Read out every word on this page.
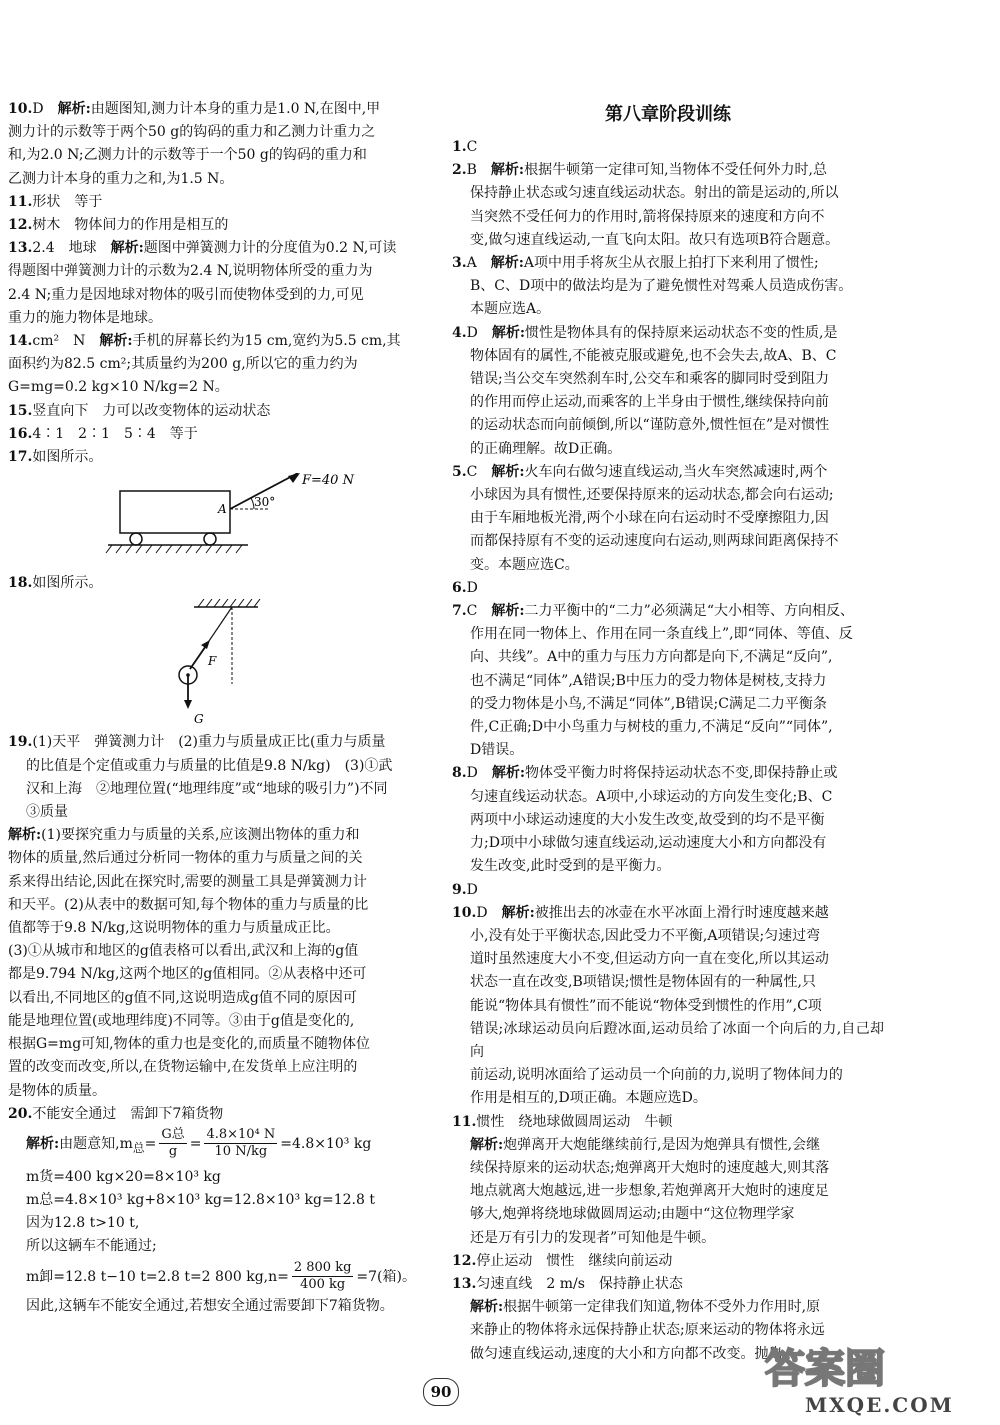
10.D　 解析:由题图知,测力计本身的重力是1.0 N,在图中,甲

测力计的示数等于两个50 g的钩码的重力和乙测力计重力之

和,为2.0 N;乙测力计的示数等于一个50 g的钩码的重力和

乙测力计本身的重力之和,为1.5 N。

11.形状　等于

12.树木　物体间力的作用是相互的

13.2.4　地球　 解析:题图中弹簧测力计的分度值为0.2 N,可读

得题图中弹簧测力计的示数为2.4 N,说明物体所受的重力为

2.4 N;重力是因地球对物体的吸引而使物体受到的力,可见

重力的施力物体是地球。

14.cm²　N　 解析:手机的屏幕长约为15 cm,宽约为5.5 cm,其

面积约为82.5 cm²;其质量约为200 g,所以它的重力约为

G=mg=0.2 kg×10 N/kg=2 N。

15.竖直向下　力可以改变物体的运动状态

16.4∶1　2∶1　5∶4　等于

17.如图所示。

F=40 N
30°
A

18.如图所示。

F
G

19.(1)天平　弹簧测力计　(2)重力与质量成正比(重力与质量

的比值是个定值或重力与质量的比值是9.8 N/kg)　(3)①武

汉和上海　②地理位置(“地理纬度”或“地球的吸引力”)不同

③质量

解析:(1)要探究重力与质量的关系,应该测出物体的重力和

物体的质量,然后通过分析同一物体的重力与质量之间的关

系来得出结论,因此在探究时,需要的测量工具是弹簧测力计

和天平。(2)从表中的数据可知,每个物体的重力与质量的比

值都等于9.8 N/kg,这说明物体的重力与质量成正比。

(3)①从城市和地区的g值表格可以看出,武汉和上海的g值

都是9.794 N/kg,这两个地区的g值相同。②从表格中还可

以看出,不同地区的g值不同,这说明造成g值不同的原因可

能是地理位置(或地理纬度)不同等。③由于g值是变化的,

根据G=mg可知,物体的重力也是变化的,而质量不随物体位

置的改变而改变,所以,在货物运输中,在发货单上应注明的

是物体的质量。

20.不能安全通过　需卸下7箱货物

解析:由题意知$,m_总= \frac{\text{G总}}{g} = \frac{\text{4.8×10⁴ N}}{10 N/kg} =4.8\times 10^3$ kg

m货=400 kg×20=8×10³ kg

m总=4.8×10³ kg+8×10³ kg=12.8×10³ kg=12.8 t

因为12.8 t>10 t,

所以这辆车不能通过;

m卸=12.8 t−10 t=2.8 t=2 800 $kg,n= \frac{2 800 kg}{400 kg} =7$(箱)。

因此,这辆车不能安全通过,若想安全通过需要卸下7箱货物。

第八章阶段训练

1.C

2.B　 解析:根据牛顿第一定律可知,当物体不受任何外力时,总

保持静止状态或匀速直线运动状态。射出的箭是运动的,所以

当突然不受任何力的作用时,箭将保持原来的速度和方向不

变,做匀速直线运动,一直飞向太阳。故只有选项B符合题意。

3.A　 解析:A项中用手将灰尘从衣服上拍打下来利用了惯性;

B、C、D项中的做法均是为了避免惯性对驾乘人员造成伤害。

本题应选A。

4.D　 解析:惯性是物体具有的保持原来运动状态不变的性质,是

物体固有的属性,不能被克服或避免,也不会失去,故A、B、C

错误;当公交车突然刹车时,公交车和乘客的脚同时受到阻力

的作用而停止运动,而乘客的上半身由于惯性,继续保持向前

的运动状态而向前倾倒,所以“谨防意外,惯性恒在”是对惯性

的正确理解。故D正确。

5.C　 解析:火车向右做匀速直线运动,当火车突然减速时,两个

小球因为具有惯性,还要保持原来的运动状态,都会向右运动;

由于车厢地板光滑,两个小球在向右运动时不受摩擦阻力,因

而都保持原有不变的运动速度向右运动,则两球间距离保持不

变。本题应选C。

6.D

7.C　 解析:二力平衡中的“二力”必须满足“大小相等、方向相反、

作用在同一物体上、作用在同一条直线上”,即“同体、等值、反

向、共线”。A中的重力与压力方向都是向下,不满足“反向”,

也不满足“同体”,A错误;B中压力的受力物体是树枝,支持力

的受力物体是小鸟,不满足“同体”,B错误;C满足二力平衡条

件,C正确;D中小鸟重力与树枝的重力,不满足“反向”“同体”,

D错误。

8.D　 解析:物体受平衡力时将保持运动状态不变,即保持静止或

匀速直线运动状态。A项中,小球运动的方向发生变化;B、C

两项中小球运动速度的大小发生改变,故受到的均不是平衡

力;D项中小球做匀速直线运动,运动速度大小和方向都没有

发生改变,此时受到的是平衡力。

9.D

10.D　 解析:被推出去的冰壶在水平冰面上滑行时速度越来越

小,没有处于平衡状态,因此受力不平衡,A项错误;匀速过弯

道时虽然速度大小不变,但运动方向一直在变化,所以其运动

状态一直在改变,B项错误;惯性是物体固有的一种属性,只

能说“物体具有惯性”而不能说“物体受到惯性的作用”,C项

错误;冰球运动员向后蹬冰面,运动员给了冰面一个向后的力,自己却向

前运动,说明冰面给了运动员一个向前的力,说明了物体间力的

作用是相互的,D项正确。本题应选D。

11.惯性　绕地球做圆周运动　牛顿

解析:炮弹离开大炮能继续前行,是因为炮弹具有惯性,会继

续保持原来的运动状态;炮弹离开大炮时的速度越大,则其落

地点就离大炮越远,进一步想象,若炮弹离开大炮时的速度足

够大,炮弹将绕地球做圆周运动;由题中“这位物理学家

还是万有引力的发现者”可知他是牛顿。

12.停止运动　惯性　继续向前运动

13.匀速直线　2 m/s　保持静止状态

解析:根据牛顿第一定律我们知道,物体不受外力作用时,原

来静止的物体将永远保持静止状态;原来运动的物体将永远

做匀速直线运动,速度的大小和方向都不改变。抛出

90	答案圈
MXQE.COM
